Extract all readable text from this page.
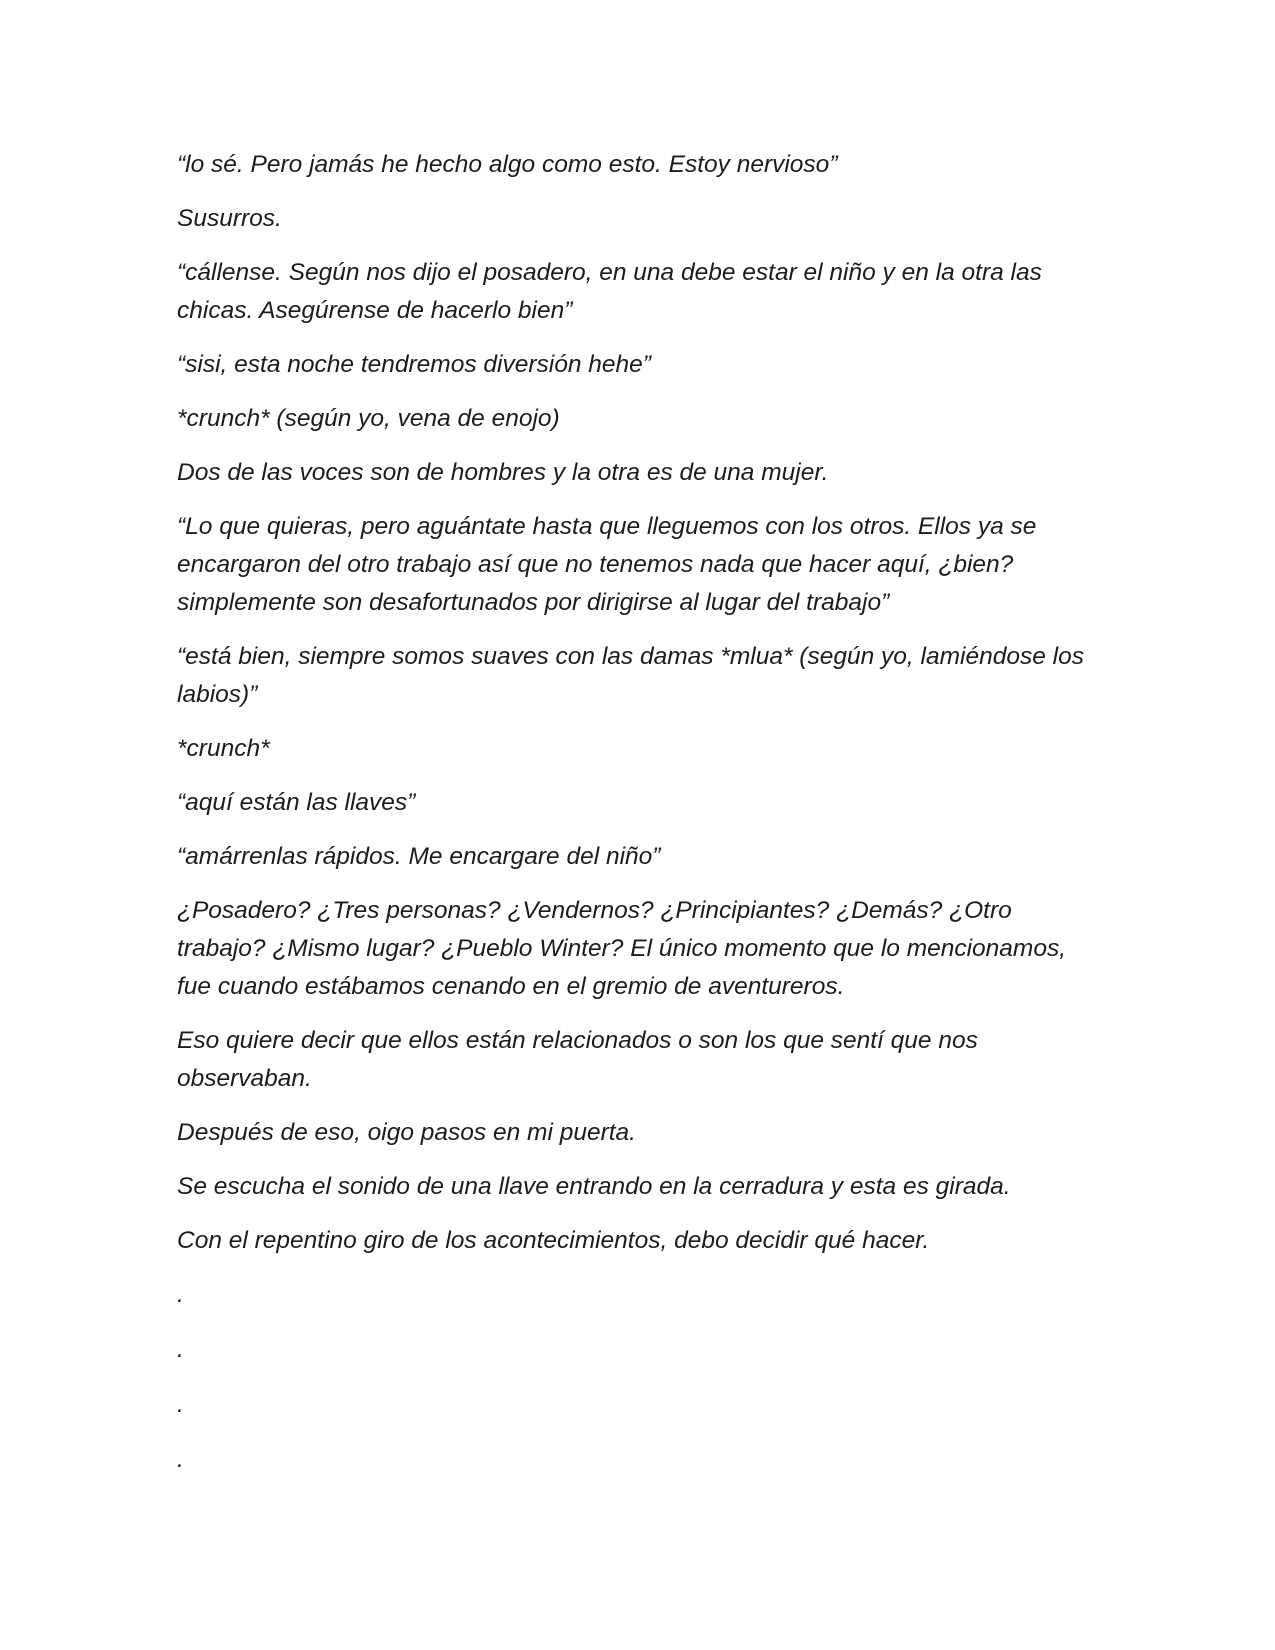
“lo sé. Pero jamás he hecho algo como esto. Estoy nervioso”

Susurros.

“cállense. Según nos dijo el posadero, en una debe estar el niño y en la otra las chicas. Asegúrense de hacerlo bien”

“sisi, esta noche tendremos diversión hehe”

*crunch* (según yo, vena de enojo)

Dos de las voces son de hombres y la otra es de una mujer.

“Lo que quieras, pero aguántate hasta que lleguemos con los otros. Ellos ya se encargaron del otro trabajo así que no tenemos nada que hacer aquí, ¿bien? simplemente son desafortunados por dirigirse al lugar del trabajo”

“está bien, siempre somos suaves con las damas *mlua* (según yo, lamiéndose los labios)”

*crunch*

“aquí están las llaves”

“amárrenlas rápidos. Me encargare del niño”

¿Posadero? ¿Tres personas? ¿Vendernos? ¿Principiantes? ¿Demás? ¿Otro trabajo? ¿Mismo lugar? ¿Pueblo Winter? El único momento que lo mencionamos, fue cuando estábamos cenando en el gremio de aventureros.

Eso quiere decir que ellos están relacionados o son los que sentí que nos observaban.

Después de eso, oigo pasos en mi puerta.

Se escucha el sonido de una llave entrando en la cerradura y esta es girada.

Con el repentino giro de los acontecimientos, debo decidir qué hacer.

.

.

.

.
